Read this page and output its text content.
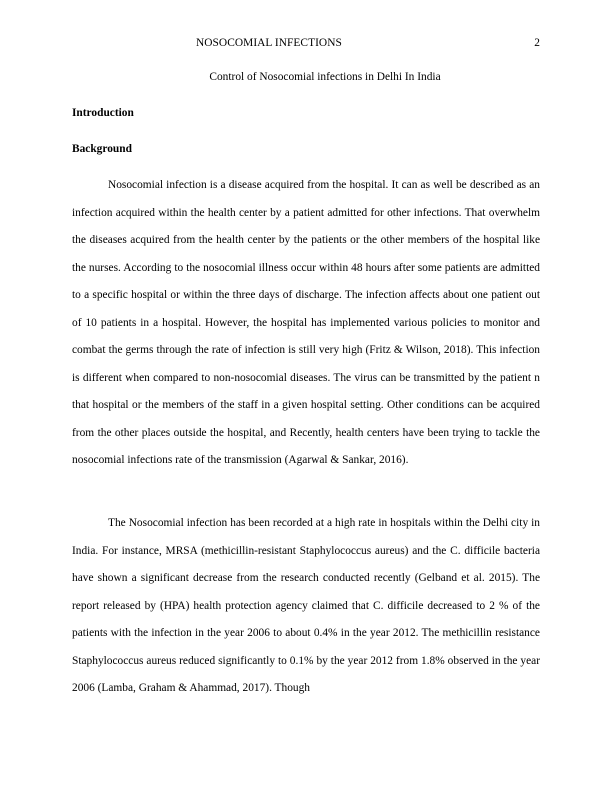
NOSOCOMIAL INFECTIONS	2
Control of Nosocomial infections in Delhi In India
Introduction
Background

Nosocomial infection is a disease acquired from the hospital. It can as well be described as an infection acquired within the health center by a patient admitted for other infections. That overwhelm the diseases acquired from the health center by the patients or the other members of the hospital like the nurses. According to the nosocomial illness occur within 48 hours after some patients are admitted to a specific hospital or within the three days of discharge. The infection affects about one patient out of 10 patients in a hospital. However, the hospital has implemented various policies to monitor and combat the germs through the rate of infection is still very high (Fritz & Wilson, 2018). This infection is different when compared to non-nosocomial diseases. The virus can be transmitted by the patient n that hospital or the members of the staff in a given hospital setting. Other conditions can be acquired from the other places outside the hospital, and Recently, health centers have been trying to tackle the nosocomial infections rate of the transmission (Agarwal & Sankar, 2016).

The Nosocomial infection has been recorded at a high rate in hospitals within the Delhi city in India. For instance, MRSA (methicillin-resistant Staphylococcus aureus) and the C. difficile bacteria have shown a significant decrease from the research conducted recently (Gelband et al. 2015). The report released by (HPA) health protection agency claimed that C. difficile decreased to 2 % of the patients with the infection in the year 2006 to about 0.4% in the year 2012. The methicillin resistance Staphylococcus aureus reduced significantly to 0.1% by the year 2012 from 1.8% observed in the year 2006 (Lamba, Graham & Ahammad, 2017). Though
